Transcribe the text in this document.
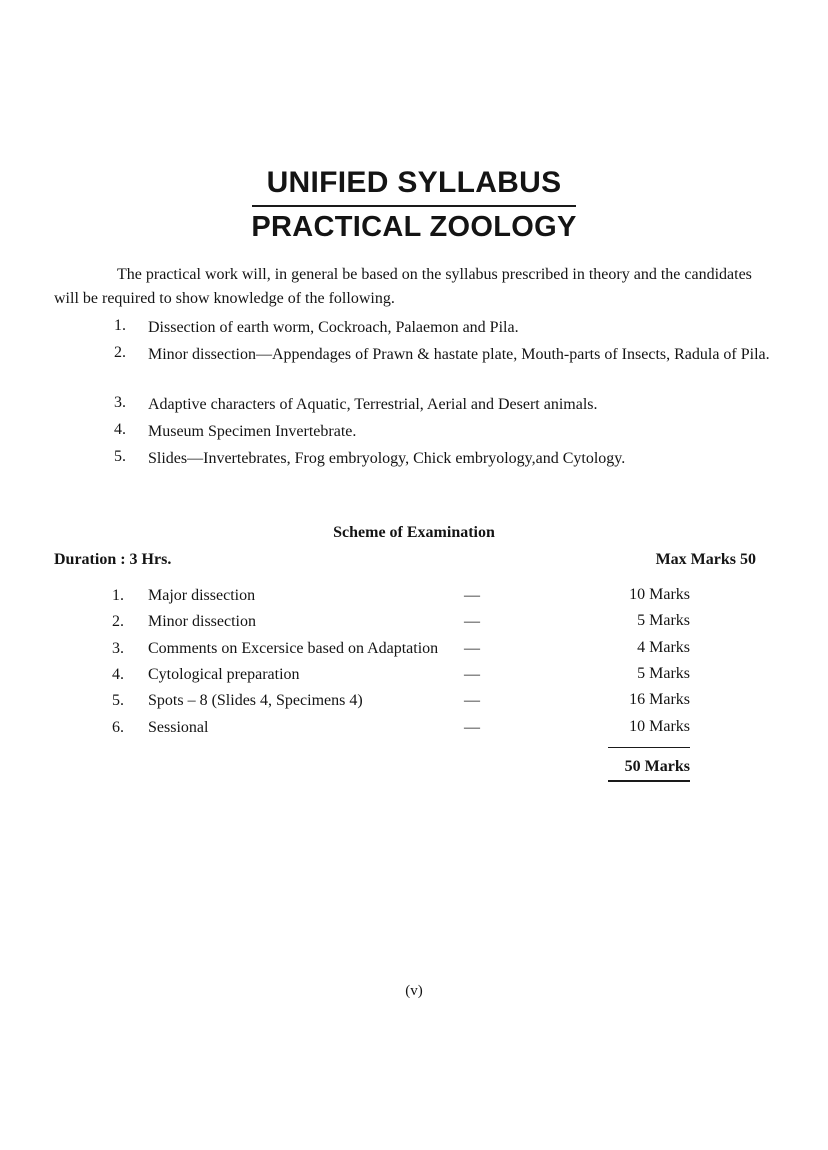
UNIFIED SYLLABUS
PRACTICAL ZOOLOGY
The practical work will, in general be based on the syllabus prescribed in theory and the candidates
will be required to show knowledge of the following.
1. Dissection of earth worm, Cockroach, Palaemon and Pila.
2. Minor dissection—Appendages of Prawn & hastate plate, Mouth-parts of Insects, Radula of Pila.
3. Adaptive characters of Aquatic, Terrestrial, Aerial and Desert animals.
4. Museum Specimen Invertebrate.
5. Slides—Invertebrates, Frog embryology, Chick embryology,and Cytology.
Scheme of Examination
Duration : 3 Hrs.	Max Marks 50
1. Major dissection	—	10 Marks
2. Minor dissection	—	5 Marks
3. Comments on Excersice based on Adaptation —	4 Marks
4. Cytological preparation	—	5 Marks
5. Spots – 8 (Slides 4, Specimens 4)	—	16 Marks
6. Sessional	—	10 Marks
50 Marks
(v)
